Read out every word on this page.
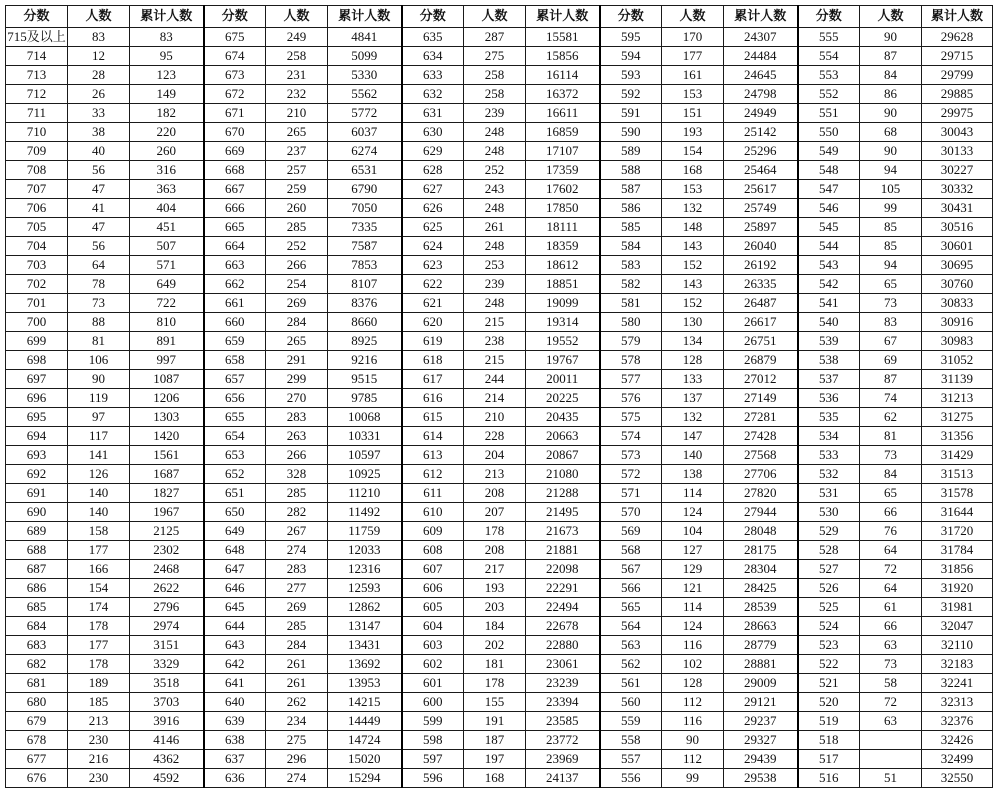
分数	人数	累计人数	分数	人数	累计人数	分数	人数	累计人数	分数	人数	累计人数	分数	人数	累计人数
715及以上	83	83	675	249	4841	635	287	15581	595	170	24307	555	90	29628
714	12	95	674	258	5099	634	275	15856	594	177	24484	554	87	29715
713	28	123	673	231	5330	633	258	16114	593	161	24645	553	84	29799
712	26	149	672	232	5562	632	258	16372	592	153	24798	552	86	29885
711	33	182	671	210	5772	631	239	16611	591	151	24949	551	90	29975
710	38	220	670	265	6037	630	248	16859	590	193	25142	550	68	30043
709	40	260	669	237	6274	629	248	17107	589	154	25296	549	90	30133
708	56	316	668	257	6531	628	252	17359	588	168	25464	548	94	30227
707	47	363	667	259	6790	627	243	17602	587	153	25617	547	105	30332
706	41	404	666	260	7050	626	248	17850	586	132	25749	546	99	30431
705	47	451	665	285	7335	625	261	18111	585	148	25897	545	85	30516
704	56	507	664	252	7587	624	248	18359	584	143	26040	544	85	30601
703	64	571	663	266	7853	623	253	18612	583	152	26192	543	94	30695
702	78	649	662	254	8107	622	239	18851	582	143	26335	542	65	30760
701	73	722	661	269	8376	621	248	19099	581	152	26487	541	73	30833
700	88	810	660	284	8660	620	215	19314	580	130	26617	540	83	30916
699	81	891	659	265	8925	619	238	19552	579	134	26751	539	67	30983
698	106	997	658	291	9216	618	215	19767	578	128	26879	538	69	31052
697	90	1087	657	299	9515	617	244	20011	577	133	27012	537	87	31139
696	119	1206	656	270	9785	616	214	20225	576	137	27149	536	74	31213
695	97	1303	655	283	10068	615	210	20435	575	132	27281	535	62	31275
694	117	1420	654	263	10331	614	228	20663	574	147	27428	534	81	31356
693	141	1561	653	266	10597	613	204	20867	573	140	27568	533	73	31429
692	126	1687	652	328	10925	612	213	21080	572	138	27706	532	84	31513
691	140	1827	651	285	11210	611	208	21288	571	114	27820	531	65	31578
690	140	1967	650	282	11492	610	207	21495	570	124	27944	530	66	31644
689	158	2125	649	267	11759	609	178	21673	569	104	28048	529	76	31720
688	177	2302	648	274	12033	608	208	21881	568	127	28175	528	64	31784
687	166	2468	647	283	12316	607	217	22098	567	129	28304	527	72	31856
686	154	2622	646	277	12593	606	193	22291	566	121	28425	526	64	31920
685	174	2796	645	269	12862	605	203	22494	565	114	28539	525	61	31981
684	178	2974	644	285	13147	604	184	22678	564	124	28663	524	66	32047
683	177	3151	643	284	13431	603	202	22880	563	116	28779	523	63	32110
682	178	3329	642	261	13692	602	181	23061	562	102	28881	522	73	32183
681	189	3518	641	261	13953	601	178	23239	561	128	29009	521	58	32241
680	185	3703	640	262	14215	600	155	23394	560	112	29121	520	72	32313
679	213	3916	639	234	14449	599	191	23585	559	116	29237	519	63	32376
678	230	4146	638	275	14724	598	187	23772	558	90	29327	518		32426
677	216	4362	637	296	15020	597	197	23969	557	112	29439	517		32499
676	230	4592	636	274	15294	596	168	24137	556	99	29538	516	51	32550
